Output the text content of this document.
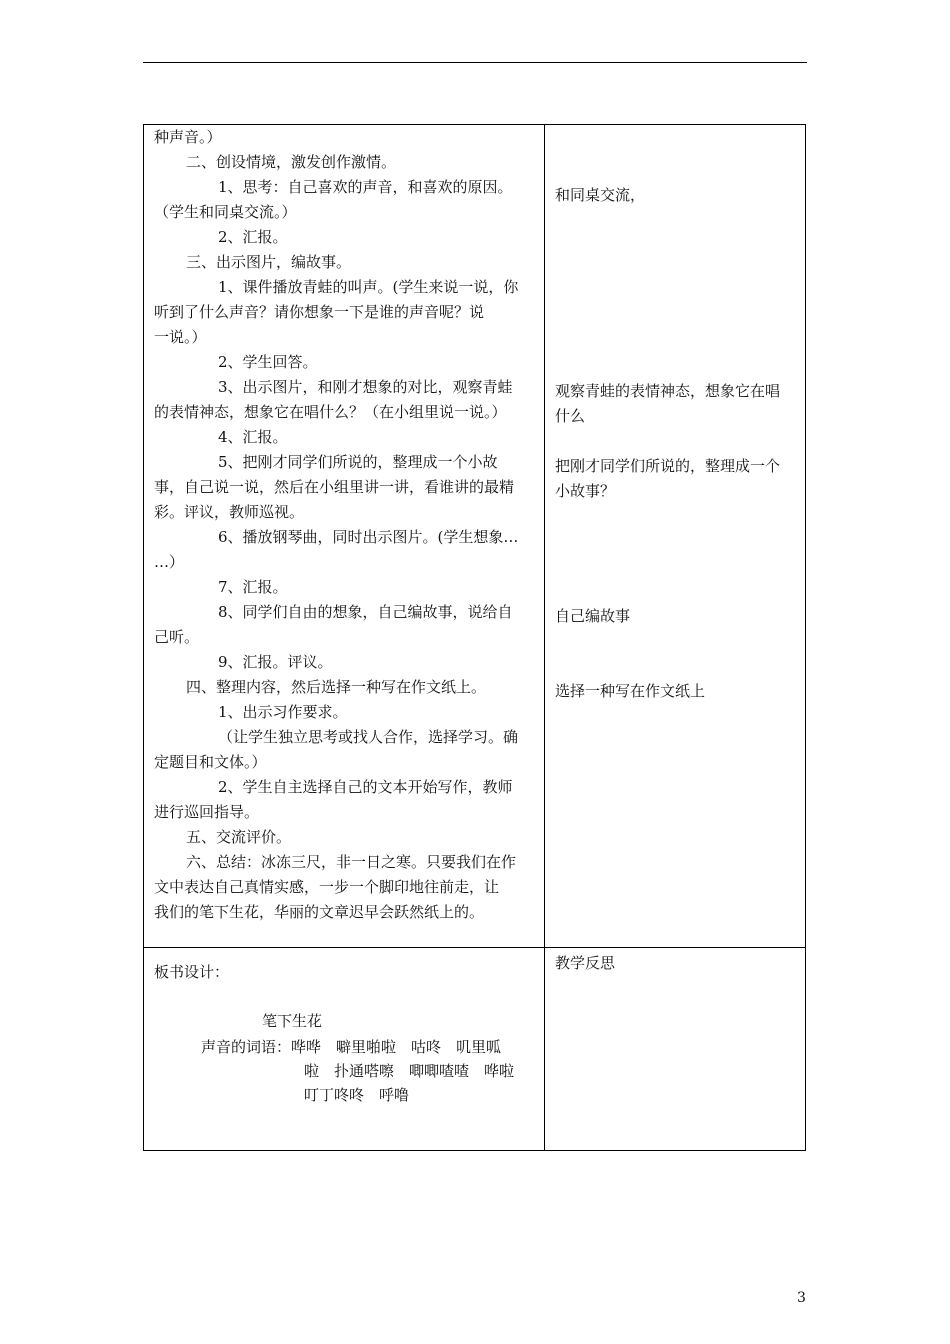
种声音。）
二、创设情境，激发创作激情。
1、思考：自己喜欢的声音，和喜欢的原因。
（学生和同桌交流。）
2、汇报。
三、出示图片，编故事。
1、课件播放青蛙的叫声。(学生来说一说，你
听到了什么声音？请你想象一下是谁的声音呢？说
一说。）
2、学生回答。
3、出示图片，和刚才想象的对比，观察青蛙
的表情神态，想象它在唱什么？（在小组里说一说。）
4、汇报。
5、把刚才同学们所说的，整理成一个小故
事，自己说一说，然后在小组里讲一讲，看谁讲的最精
彩。评议，教师巡视。
6、播放钢琴曲，同时出示图片。(学生想象…
…）
7、汇报。
8、同学们自由的想象，自己编故事，说给自
己听。
9、汇报。评议。
四、整理内容，然后选择一种写在作文纸上。
1、出示习作要求。
（让学生独立思考或找人合作，选择学习。确
定题目和文体。）
2、学生自主选择自己的文本开始写作，教师
进行巡回指导。
五、交流评价。
六、总结：冰冻三尺，非一日之寒。只要我们在作
文中表达自己真情实感，一步一个脚印地往前走，让
我们的笔下生花，华丽的文章迟早会跃然纸上的。
和同桌交流，
观察青蛙的表情神态，想象它在唱
什么
把刚才同学们所说的，整理成一个
小故事？
自己编故事
选择一种写在作文纸上
板书设计：
笔下生花
声音的词语：哗哗　噼里啪啦　咕咚　叽里呱
啦　扑通嗒嚓　唧唧喳喳　哗啦
叮丁咚咚　呼噜
教学反思
3
